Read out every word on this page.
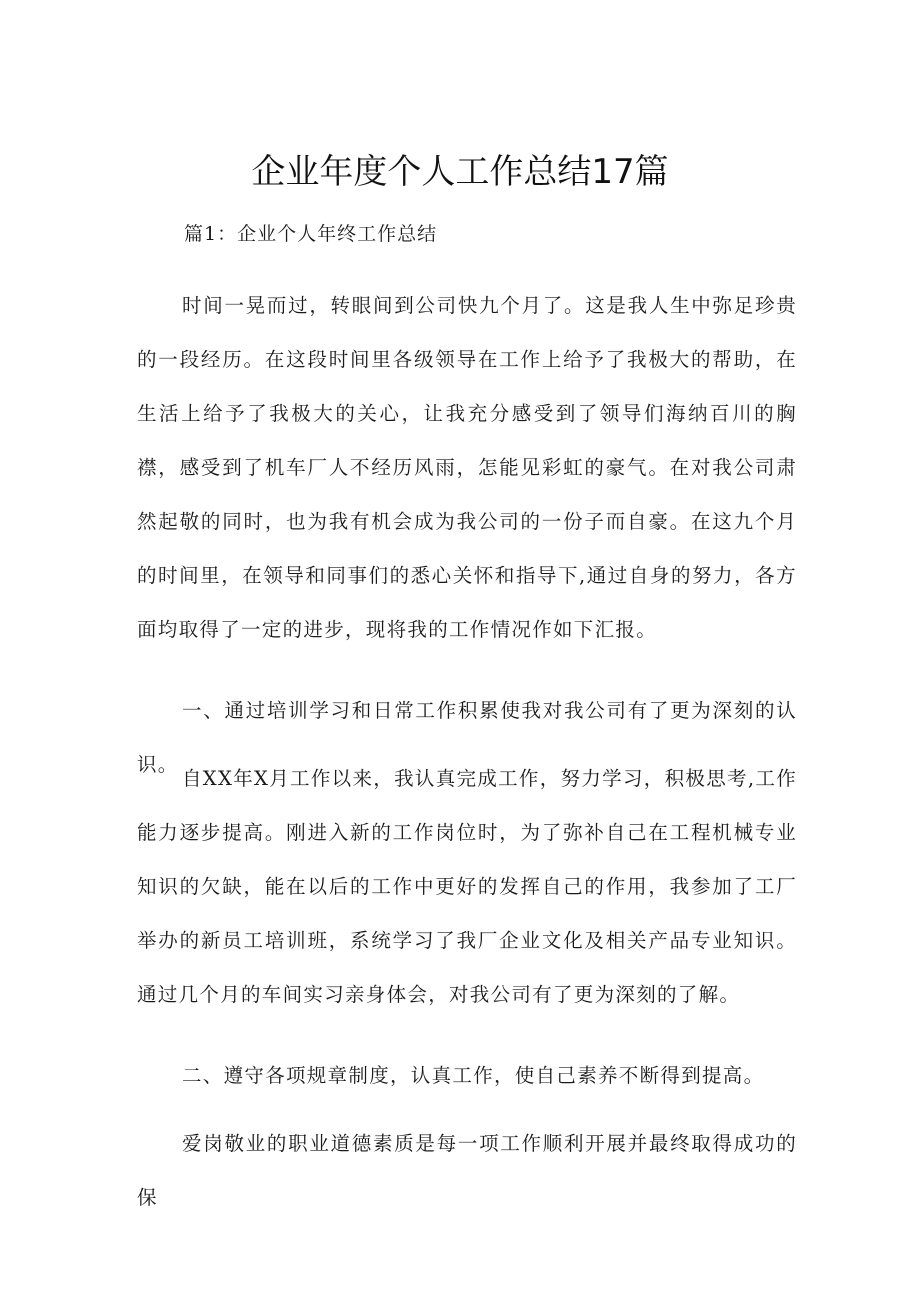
企业年度个人工作总结17篇
篇1：企业个人年终工作总结

时间一晃而过，转眼间到公司快九个月了。这是我人生中弥足珍贵的一段经历。在这段时间里各级领导在工作上给予了我极大的帮助，在生活上给予了我极大的关心，让我充分感受到了领导们海纳百川的胸襟，感受到了机车厂人不经历风雨，怎能见彩虹的豪气。在对我公司肃然起敬的同时，也为我有机会成为我公司的一份子而自豪。在这九个月的时间里，在领导和同事们的悉心关怀和指导下,通过自身的努力，各方面均取得了一定的进步，现将我的工作情况作如下汇报。

一、通过培训学习和日常工作积累使我对我公司有了更为深刻的认识。

自XX年X月工作以来，我认真完成工作，努力学习，积极思考,工作能力逐步提高。刚进入新的工作岗位时，为了弥补自己在工程机械专业知识的欠缺，能在以后的工作中更好的发挥自己的作用，我参加了工厂举办的新员工培训班，系统学习了我厂企业文化及相关产品专业知识。通过几个月的车间实习亲身体会，对我公司有了更为深刻的了解。

二、遵守各项规章制度，认真工作，使自己素养不断得到提高。

爱岗敬业的职业道德素质是每一项工作顺利开展并最终取得成功的保
